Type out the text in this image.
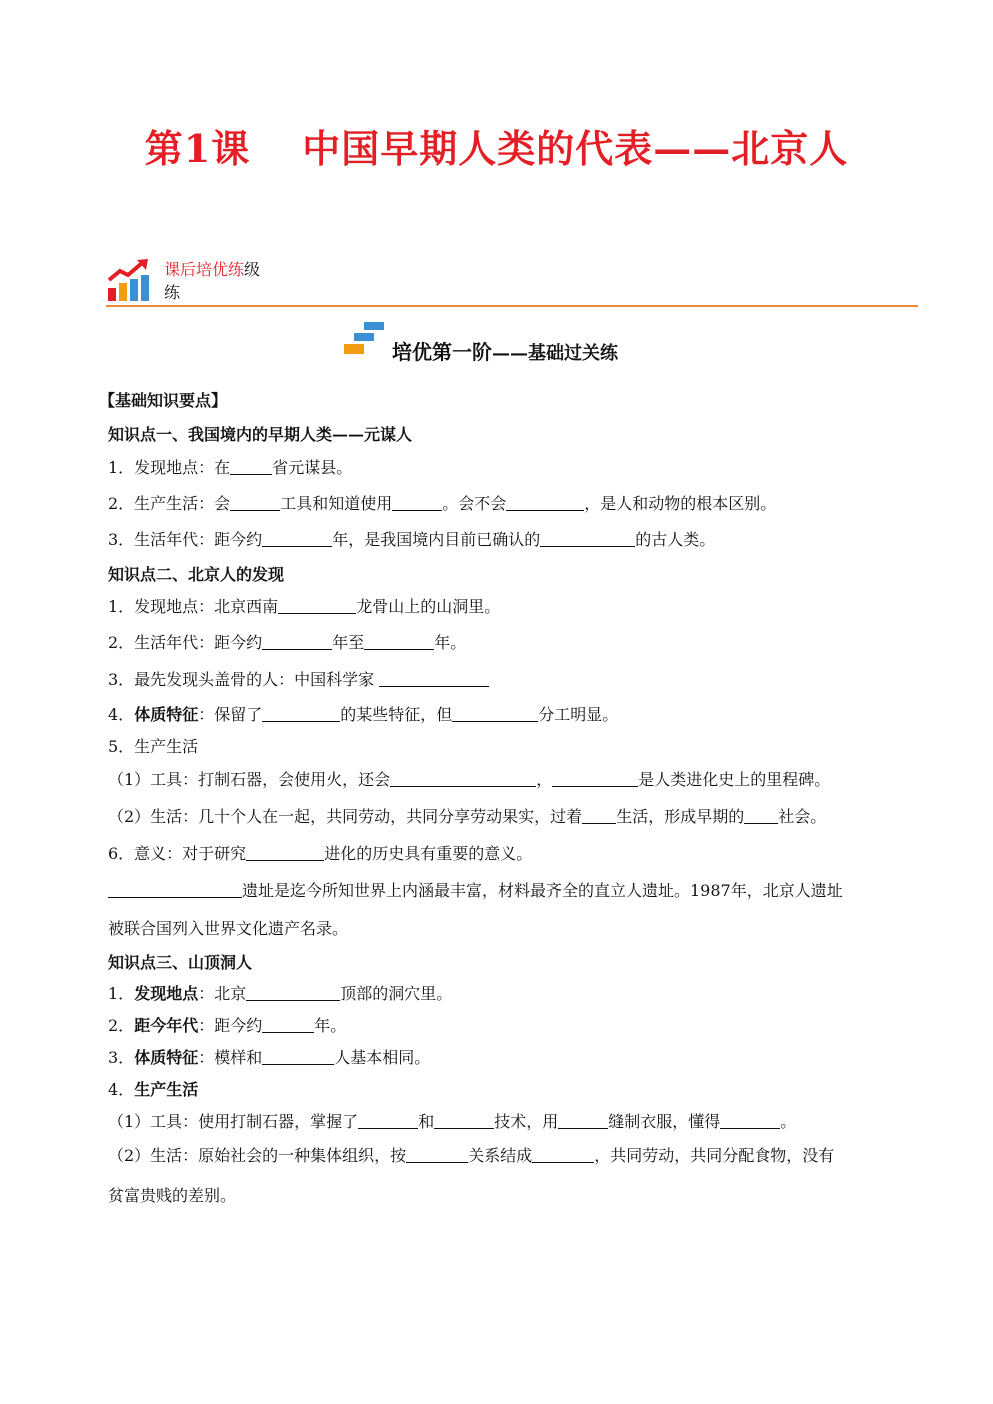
第1课 中国早期人类的代表——北京人
课后培优练级练
培优第一阶——基础过关练
【基础知识要点】
知识点一、我国境内的早期人类——元谋人
1．发现地点：在	省元谋县。
2．生产生活：会	工具和知道使用	。会不会	，是人和动物的根本区别。
3．生活年代：距今约	年，是我国境内目前已确认的	的古人类。
知识点二、北京人的发现
1．发现地点：北京西南	龙骨山上的山洞里。
2．生活年代：距今约	年至	年。
3．最先发现头盖骨的人：中国科学家
4．体质特征：保留了	的某些特征，但	分工明显。
5．生产生活
（1）工具：打制石器，会使用火，还会	，	是人类进化史上的里程碑。
（2）生活：几十个人在一起，共同劳动，共同分享劳动果实，过着 生活，形成早期的 社会。
6．意义：对于研究	进化的历史具有重要的意义。
遗址是迄今所知世界上内涵最丰富，材料最齐全的直立人遗址。1987年，北京人遗址
被联合国列入世界文化遗产名录。
知识点三、山顶洞人
1．发现地点：北京	顶部的洞穴里。
2．距今年代：距今约	年。
3．体质特征：模样和	人基本相同。
4．生产生活
（1）工具：使用打制石器，掌握了	和	技术，用	缝制衣服，懂得	。
（2）生活：原始社会的一种集体组织，按	关系结成	，共同劳动，共同分配食物，没有
贫富贵贱的差别。
